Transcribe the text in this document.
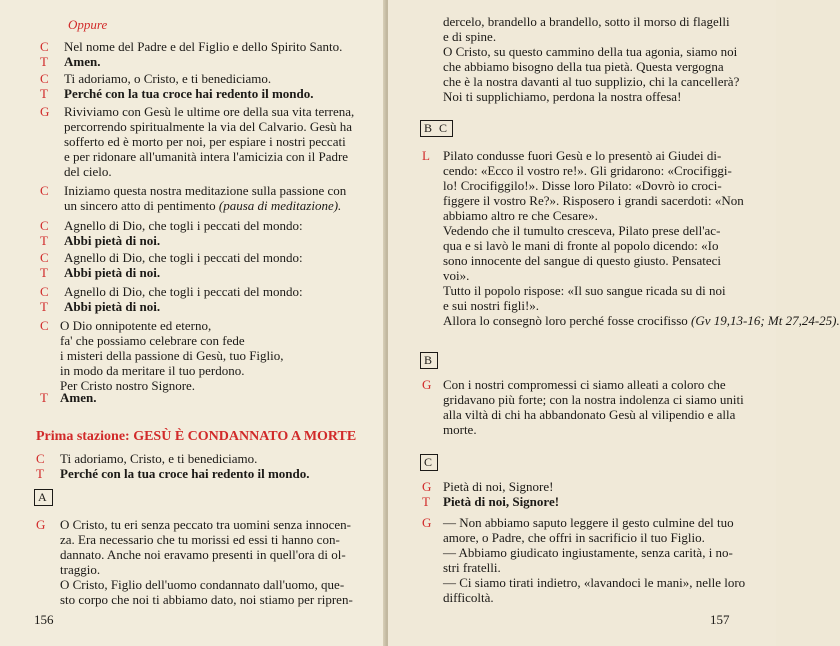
Oppure
C Nel nome del Padre e del Figlio e dello Spirito Santo.
T Amen.
C Ti adoriamo, o Cristo, e ti benediciamo.
T Perché con la tua croce hai redento il mondo.
G Riviviamo con Gesù le ultime ore della sua vita terrena,
percorrendo spiritualmente la via del Calvario. Gesù ha
sofferto ed è morto per noi, per espiare i nostri peccati
e per ridonare all'umanità intera l'amicizia con il Padre
del cielo.
C Iniziamo questa nostra meditazione sulla passione con
un sincero atto di pentimento (pausa di meditazione).
C Agnello di Dio, che togli i peccati del mondo:
T Abbi pietà di noi.
C Agnello di Dio, che togli i peccati del mondo:
T Abbi pietà di noi.
C Agnello di Dio, che togli i peccati del mondo:
T Abbi pietà di noi.
C O Dio onnipotente ed eterno,
fa' che possiamo celebrare con fede
i misteri della passione di Gesù, tuo Figlio,
in modo da meritare il tuo perdono.
Per Cristo nostro Signore.
T Amen.
Prima stazione: GESÙ È CONDANNATO A MORTE
C Ti adoriamo, Cristo, e ti benediciamo.
T Perché con la tua croce hai redento il mondo.
A
G O Cristo, tu eri senza peccato tra uomini senza innocen-
za. Era necessario che tu morissi ed essi ti hanno con-
dannato. Anche noi eravamo presenti in quell'ora di ol-
traggio.
O Cristo, Figlio dell'uomo condannato dall'uomo, que-
sto corpo che noi ti abbiamo dato, noi stiamo per ripren-
156
dercelo, brandello a brandello, sotto il morso di flagelli
e di spine.
O Cristo, su questo cammino della tua agonia, siamo noi
che abbiamo bisogno della tua pietà. Questa vergogna
che è la nostra davanti al tuo supplizio, chi la cancellerà?
Noi ti supplichiamo, perdona la nostra offesa!
B C
L Pilato condusse fuori Gesù e lo presentò ai Giudei di-
cendo: «Ecco il vostro re!». Gli gridarono: «Crocifiggi-
lo! Crocifiggilo!». Disse loro Pilato: «Dovrò io croci-
figgere il vostro Re?». Risposero i grandi sacerdoti: «Non
abbiamo altro re che Cesare».
Vedendo che il tumulto cresceva, Pilato prese dell'ac-
qua e si lavò le mani di fronte al popolo dicendo: «Io
sono innocente del sangue di questo giusto. Pensateci
voi».
Tutto il popolo rispose: «Il suo sangue ricada su di noi
e sui nostri figli!».
Allora lo consegnò loro perché fosse crocifisso (Gv 19,13-16; Mt 27,24-25).
B
G Con i nostri compromessi ci siamo alleati a coloro che
gridavano più forte; con la nostra indolenza ci siamo uniti
alla viltà di chi ha abbandonato Gesù al vilipendio e alla
morte.
C
G Pietà di noi, Signore!
T Pietà di noi, Signore!
G — Non abbiamo saputo leggere il gesto culmine del tuo
amore, o Padre, che offri in sacrificio il tuo Figlio.
— Abbiamo giudicato ingiustamente, senza carità, i no-
stri fratelli.
— Ci siamo tirati indietro, «lavandoci le mani», nelle loro
difficoltà.
157
